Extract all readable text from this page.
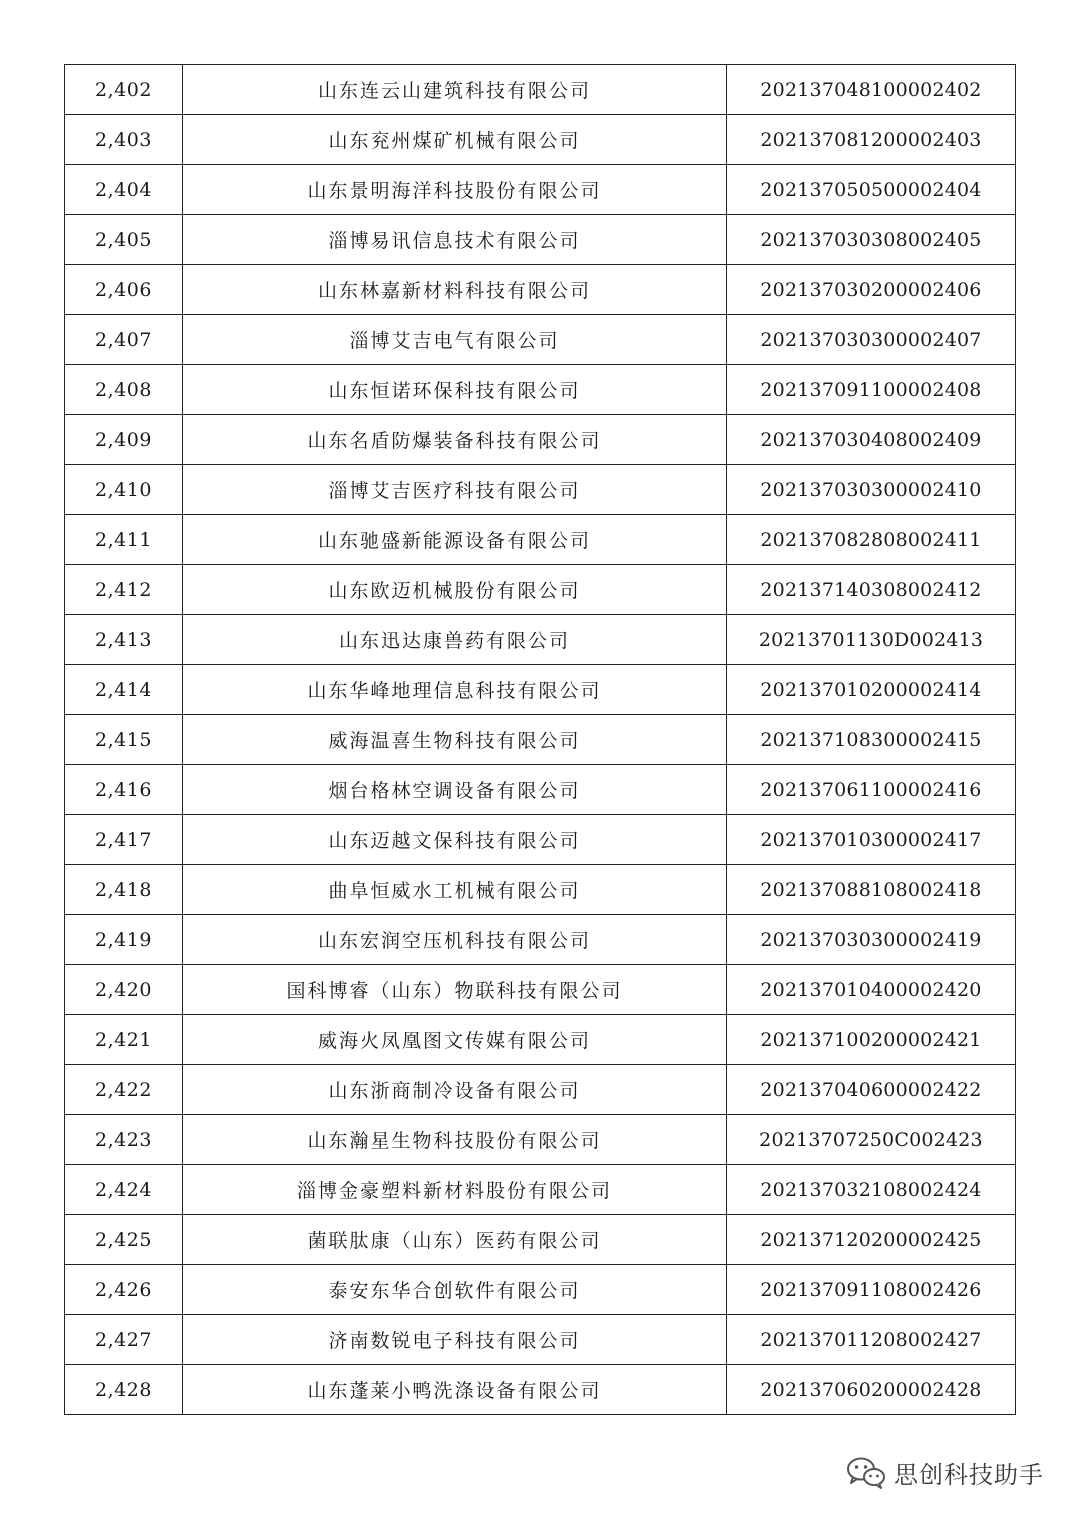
2,402	山东连云山建筑科技有限公司	202137048100002402
2,403	山东兖州煤矿机械有限公司	202137081200002403
2,404	山东景明海洋科技股份有限公司	202137050500002404
2,405	淄博易讯信息技术有限公司	202137030308002405
2,406	山东林嘉新材料科技有限公司	202137030200002406
2,407	淄博艾吉电气有限公司	202137030300002407
2,408	山东恒诺环保科技有限公司	202137091100002408
2,409	山东名盾防爆装备科技有限公司	202137030408002409
2,410	淄博艾吉医疗科技有限公司	202137030300002410
2,411	山东驰盛新能源设备有限公司	202137082808002411
2,412	山东欧迈机械股份有限公司	202137140308002412
2,413	山东迅达康兽药有限公司	20213701130D002413
2,414	山东华峰地理信息科技有限公司	202137010200002414
2,415	威海温喜生物科技有限公司	202137108300002415
2,416	烟台格林空调设备有限公司	202137061100002416
2,417	山东迈越文保科技有限公司	202137010300002417
2,418	曲阜恒威水工机械有限公司	202137088108002418
2,419	山东宏润空压机科技有限公司	202137030300002419
2,420	国科博睿（山东）物联科技有限公司	202137010400002420
2,421	威海火凤凰图文传媒有限公司	202137100200002421
2,422	山东浙商制冷设备有限公司	202137040600002422
2,423	山东瀚星生物科技股份有限公司	20213707250C002423
2,424	淄博金豪塑料新材料股份有限公司	202137032108002424
2,425	菌联肽康（山东）医药有限公司	202137120200002425
2,426	泰安东华合创软件有限公司	202137091108002426
2,427	济南数锐电子科技有限公司	202137011208002427
2,428	山东蓬莱小鸭洗涤设备有限公司	202137060200002428
思创科技助手
